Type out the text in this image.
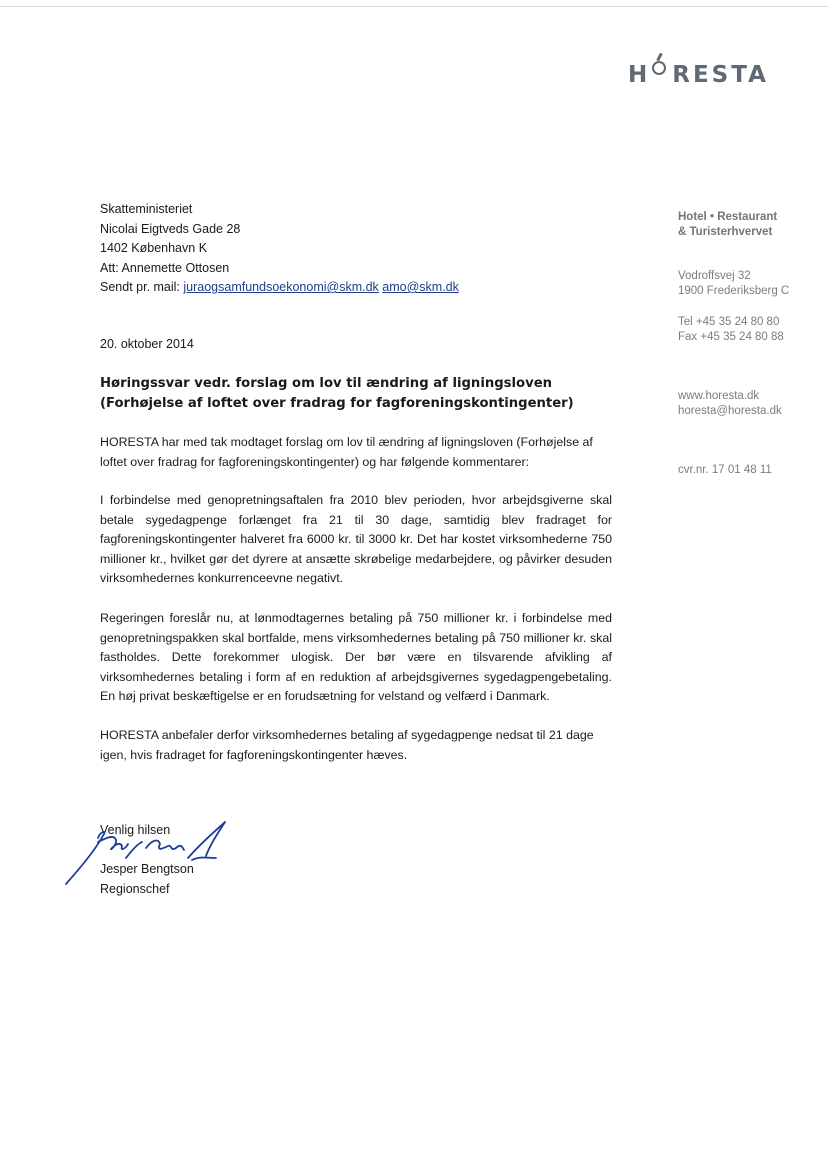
H RESTA
Hotel • Restaurant
& Turisterhvervet
Vodroffsvej 32
1900 Frederiksberg C
Tel +45 35 24 80 80
Fax +45 35 24 80 88
www.horesta.dk
horesta@horesta.dk
cvr.nr. 17 01 48 11
Skatteministeriet
Nicolai Eigtveds Gade 28
1402 København K
Att: Annemette Ottosen
Sendt pr. mail: juraogsamfundsoekonomi@skm.dk amo@skm.dk
20. oktober 2014
Høringssvar vedr. forslag om lov til ændring af ligningsloven (Forhøjelse af loftet over fradrag for fagforeningskontingenter)
HORESTA har med tak modtaget forslag om lov til ændring af ligningsloven (Forhøjelse af loftet over fradrag for fagforeningskontingenter) og har følgende kommentarer:
I forbindelse med genopretningsaftalen fra 2010 blev perioden, hvor arbejdsgiverne skal betale sygedagpenge forlænget fra 21 til 30 dage, samtidig blev fradraget for fagforeningskontingenter halveret fra 6000 kr. til 3000 kr. Det har kostet virksomhederne 750 millioner kr., hvilket gør det dyrere at ansætte skrøbelige medarbejdere, og påvirker desuden virksomhedernes konkurrenceevne negativt.
Regeringen foreslår nu, at lønmodtagernes betaling på 750 millioner kr. i forbindelse med genopretningspakken skal bortfalde, mens virksomhedernes betaling på 750 millioner kr. skal fastholdes. Dette forekommer ulogisk. Der bør være en tilsvarende afvikling af virksomhedernes betaling i form af en reduktion af arbejdsgivernes sygedagpengebetaling. En høj privat beskæftigelse er en forudsætning for velstand og velfærd i Danmark.
HORESTA anbefaler derfor virksomhedernes betaling af sygedagpenge nedsat til 21 dage igen, hvis fradraget for fagforeningskontingenter hæves.
Venlig hilsen
Jesper Bengtson
Regionschef
